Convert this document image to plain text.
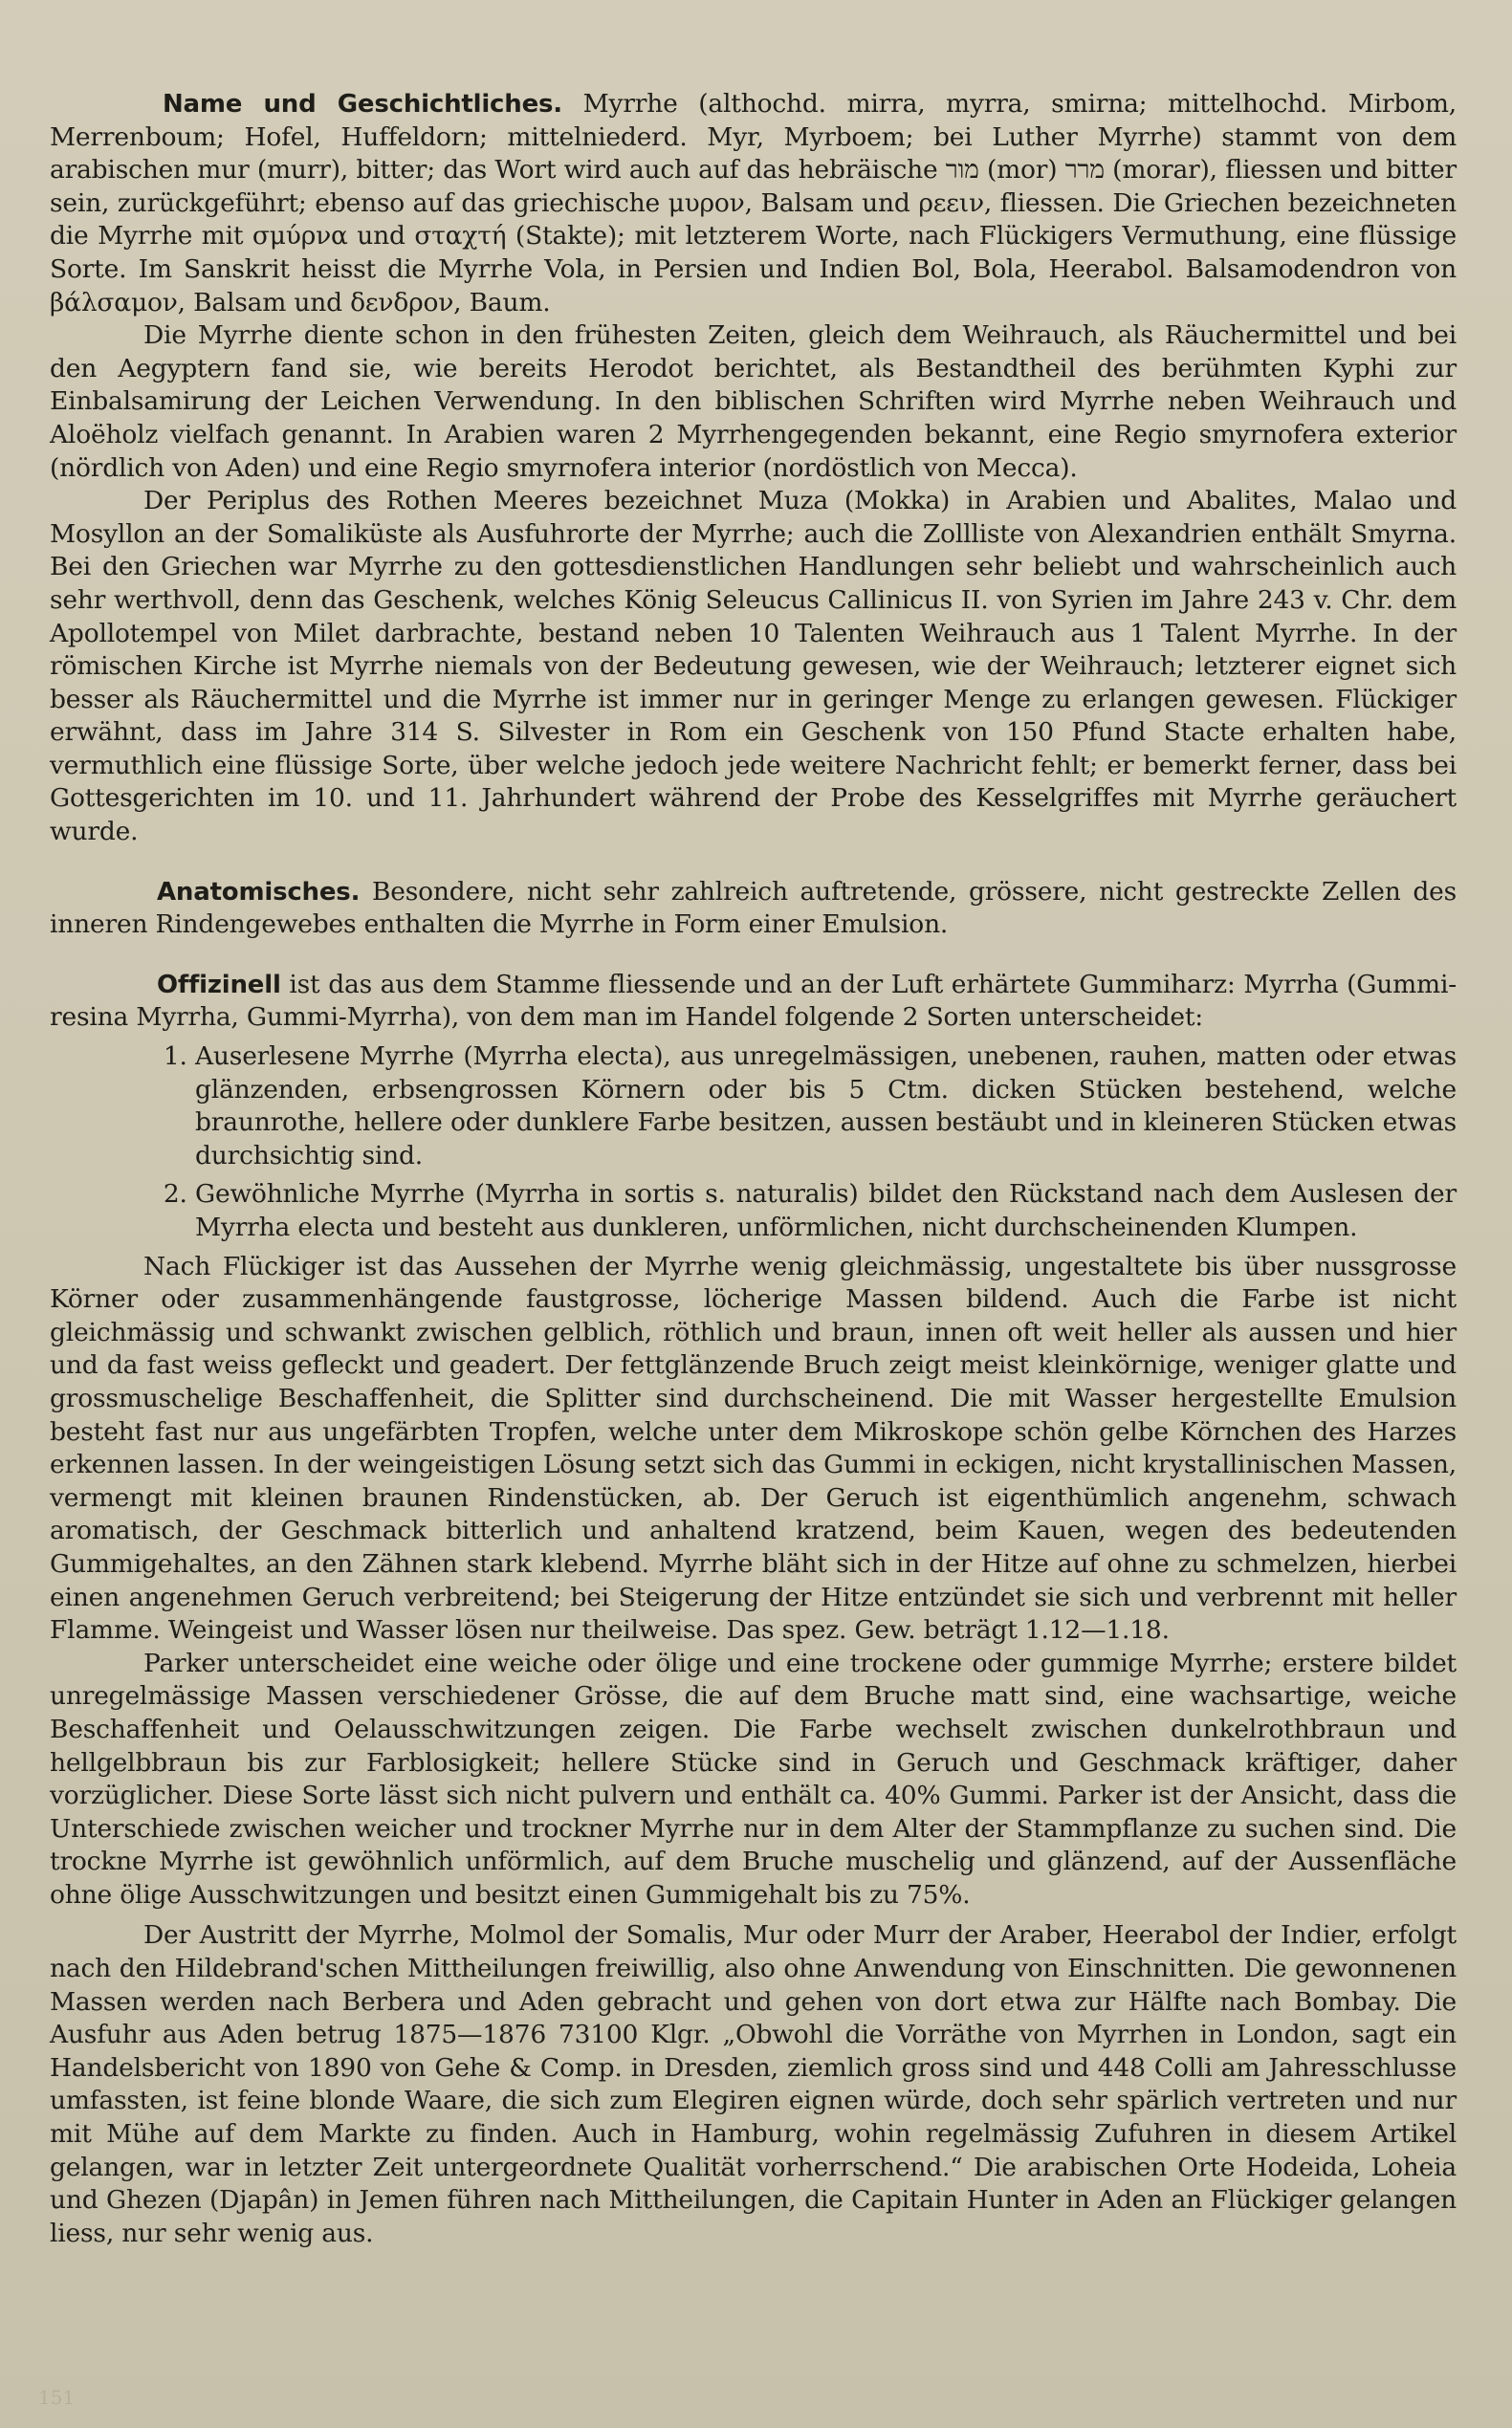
Name und Geschichtliches. Myrrhe (althochd. mirra, myrra, smirna; mittelhochd. Mirbom, Merrenboum; Hofel, Huffeldorn; mittelniederd. Myr, Myrboem; bei Luther Myrrhe) stammt von dem arabischen mur (murr), bitter; das Wort wird auch auf das hebräische מור (mor) מרר (morar), fliessen und bitter sein, zurückgeführt; ebenso auf das griechische μυρον, Balsam und ρεειν, fliessen. Die Griechen bezeichneten die Myrrhe mit σμύρνα und σταχτή (Stakte); mit letzterem Worte, nach Flückigers Vermuthung, eine flüssige Sorte. Im Sanskrit heisst die Myrrhe Vola, in Persien und Indien Bol, Bola, Heerabol. Balsamodendron von βάλσαμον, Balsam und δενδρον, Baum.

Die Myrrhe diente schon in den frühesten Zeiten, gleich dem Weihrauch, als Räuchermittel und bei den Aegyptern fand sie, wie bereits Herodot berichtet, als Bestandtheil des berühmten Kyphi zur Einbalsamirung der Leichen Verwendung. In den biblischen Schriften wird Myrrhe neben Weihrauch und Aloëholz vielfach genannt. In Arabien waren 2 Myrrhengegenden bekannt, eine Regio smyrnofera exterior (nördlich von Aden) und eine Regio smyrnofera interior (nordöstlich von Mecca).

Der Periplus des Rothen Meeres bezeichnet Muza (Mokka) in Arabien und Abalites, Malao und Mosyllon an der Somaliküste als Ausfuhrorte der Myrrhe; auch die Zollliste von Alexandrien enthält Smyrna. Bei den Griechen war Myrrhe zu den gottesdienstlichen Handlungen sehr beliebt und wahrscheinlich auch sehr werthvoll, denn das Geschenk, welches König Seleucus Callinicus II. von Syrien im Jahre 243 v. Chr. dem Apollotempel von Milet darbrachte, bestand neben 10 Talenten Weihrauch aus 1 Talent Myrrhe. In der römischen Kirche ist Myrrhe niemals von der Bedeutung gewesen, wie der Weihrauch; letzterer eignet sich besser als Räuchermittel und die Myrrhe ist immer nur in geringer Menge zu erlangen gewesen. Flückiger erwähnt, dass im Jahre 314 S. Silvester in Rom ein Geschenk von 150 Pfund Stacte erhalten habe, vermuthlich eine flüssige Sorte, über welche jedoch jede weitere Nachricht fehlt; er bemerkt ferner, dass bei Gottesgerichten im 10. und 11. Jahrhundert während der Probe des Kesselgriffes mit Myrrhe geräuchert wurde.

Anatomisches. Besondere, nicht sehr zahlreich auftretende, grössere, nicht gestreckte Zellen des inneren Rindengewebes enthalten die Myrrhe in Form einer Emulsion.

Offizinell ist das aus dem Stamme fliessende und an der Luft erhärtete Gummiharz: Myrrha (Gummi-resina Myrrha, Gummi-Myrrha), von dem man im Handel folgende 2 Sorten unterscheidet:

1. Auserlesene Myrrhe (Myrrha electa), aus unregelmässigen, unebenen, rauhen, matten oder etwas glänzenden, erbsengrossen Körnern oder bis 5 Ctm. dicken Stücken bestehend, welche braunrothe, hellere oder dunklere Farbe besitzen, aussen bestäubt und in kleineren Stücken etwas durchsichtig sind.
2. Gewöhnliche Myrrhe (Myrrha in sortis s. naturalis) bildet den Rückstand nach dem Auslesen der Myrrha electa und besteht aus dunkleren, unförmlichen, nicht durchscheinenden Klumpen.

Nach Flückiger ist das Aussehen der Myrrhe wenig gleichmässig, ungestaltete bis über nussgrosse Körner oder zusammenhängende faustgrosse, löcherige Massen bildend. Auch die Farbe ist nicht gleichmässig und schwankt zwischen gelblich, röthlich und braun, innen oft weit heller als aussen und hier und da fast weiss gefleckt und geadert. Der fettglänzende Bruch zeigt meist kleinkörnige, weniger glatte und grossmuschelige Beschaffenheit, die Splitter sind durchscheinend. Die mit Wasser hergestellte Emulsion besteht fast nur aus ungefärbten Tropfen, welche unter dem Mikroskope schön gelbe Körnchen des Harzes erkennen lassen. In der weingeistigen Lösung setzt sich das Gummi in eckigen, nicht krystallinischen Massen, vermengt mit kleinen braunen Rindenstücken, ab. Der Geruch ist eigenthümlich angenehm, schwach aromatisch, der Geschmack bitterlich und anhaltend kratzend, beim Kauen, wegen des bedeutenden Gummigehaltes, an den Zähnen stark klebend. Myrrhe bläht sich in der Hitze auf ohne zu schmelzen, hierbei einen angenehmen Geruch verbreitend; bei Steigerung der Hitze entzündet sie sich und verbrennt mit heller Flamme. Weingeist und Wasser lösen nur theilweise. Das spez. Gew. beträgt 1.12—1.18.

Parker unterscheidet eine weiche oder ölige und eine trockene oder gummige Myrrhe; erstere bildet unregelmässige Massen verschiedener Grösse, die auf dem Bruche matt sind, eine wachsartige, weiche Beschaffenheit und Oelausschwitzungen zeigen. Die Farbe wechselt zwischen dunkelrothbraun und hellgelbbraun bis zur Farblosigkeit; hellere Stücke sind in Geruch und Geschmack kräftiger, daher vorzüglicher. Diese Sorte lässt sich nicht pulvern und enthält ca. 40% Gummi. Parker ist der Ansicht, dass die Unterschiede zwischen weicher und trockner Myrrhe nur in dem Alter der Stammpflanze zu suchen sind. Die trockne Myrrhe ist gewöhnlich unförmlich, auf dem Bruche muschelig und glänzend, auf der Aussenfläche ohne ölige Ausschwitzungen und besitzt einen Gummigehalt bis zu 75%.

Der Austritt der Myrrhe, Molmol der Somalis, Mur oder Murr der Araber, Heerabol der Indier, erfolgt nach den Hildebrand'schen Mittheilungen freiwillig, also ohne Anwendung von Einschnitten. Die gewonnenen Massen werden nach Berbera und Aden gebracht und gehen von dort etwa zur Hälfte nach Bombay. Die Ausfuhr aus Aden betrug 1875—1876 73100 Klgr. „Obwohl die Vorräthe von Myrrhen in London, sagt ein Handelsbericht von 1890 von Gehe & Comp. in Dresden, ziemlich gross sind und 448 Colli am Jahresschlusse umfassten, ist feine blonde Waare, die sich zum Elegiren eignen würde, doch sehr spärlich vertreten und nur mit Mühe auf dem Markte zu finden. Auch in Hamburg, wohin regelmässig Zufuhren in diesem Artikel gelangen, war in letzter Zeit untergeordnete Qualität vorherrschend.“ Die arabischen Orte Hodeida, Loheia und Ghezen (Djapân) in Jemen führen nach Mittheilungen, die Capitain Hunter in Aden an Flückiger gelangen liess, nur sehr wenig aus.

151
